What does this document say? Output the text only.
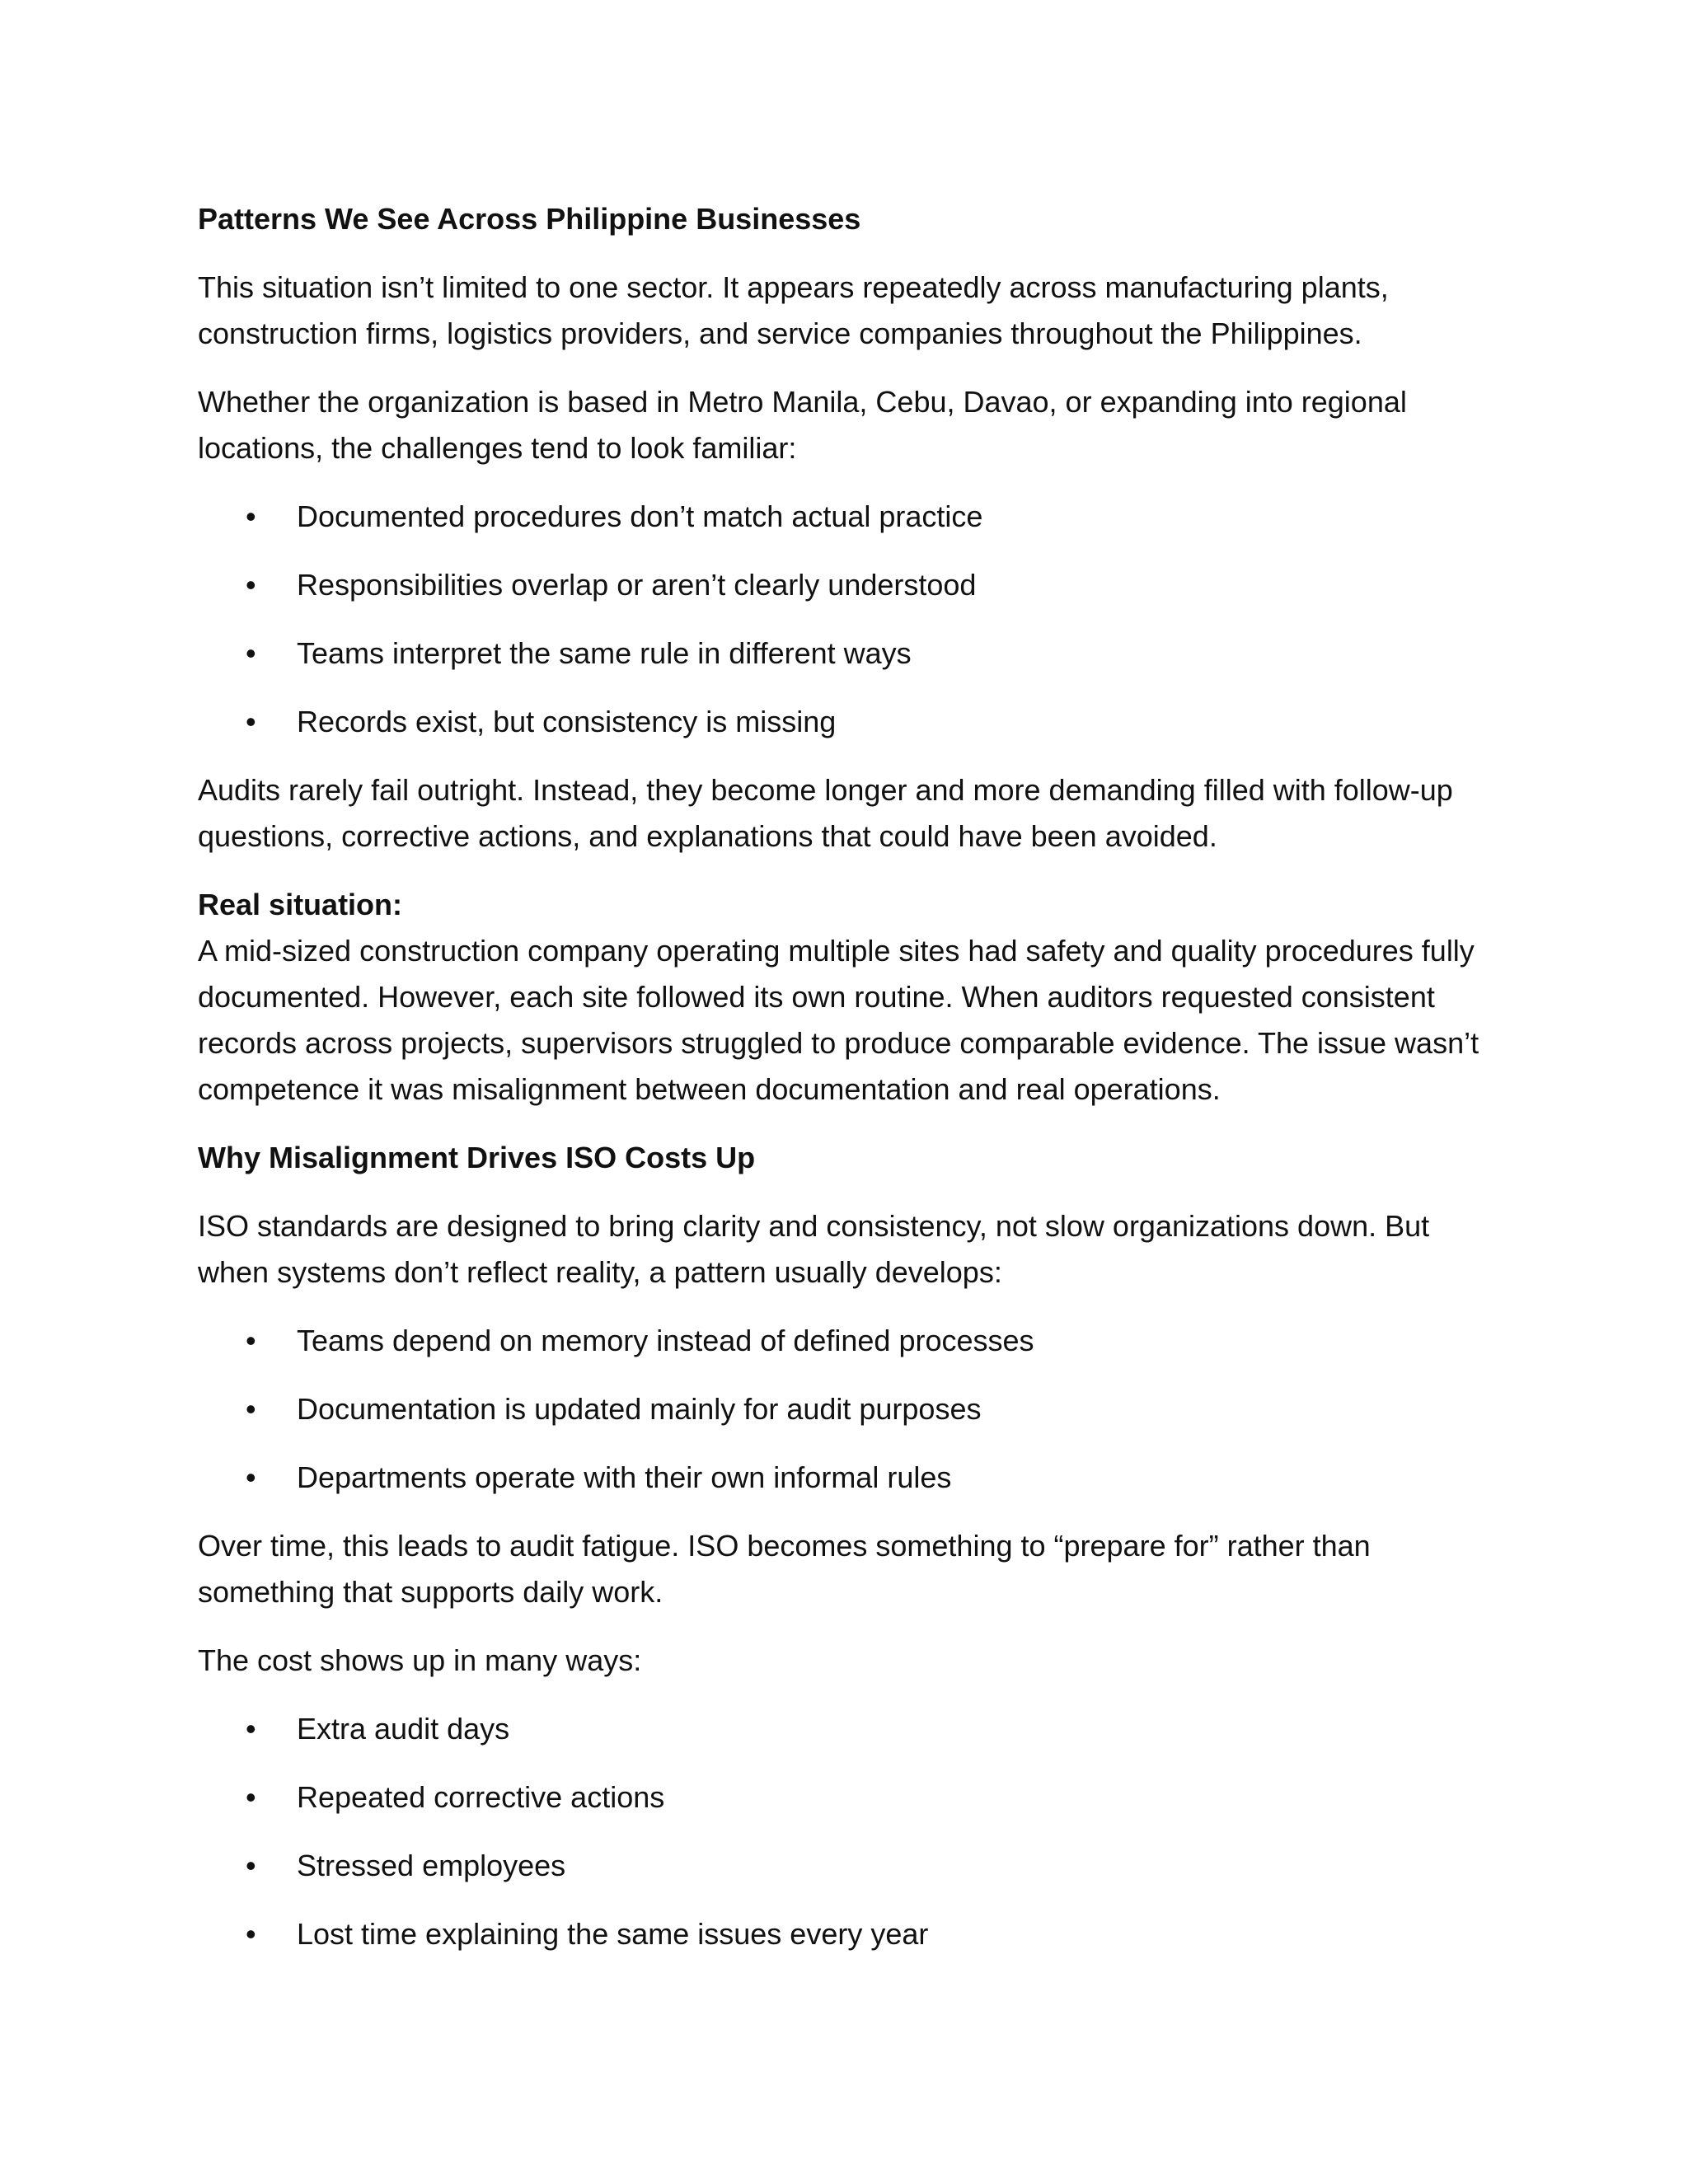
Patterns We See Across Philippine Businesses

This situation isn’t limited to one sector. It appears repeatedly across manufacturing plants, construction firms, logistics providers, and service companies throughout the Philippines.

Whether the organization is based in Metro Manila, Cebu, Davao, or expanding into regional locations, the challenges tend to look familiar:

• Documented procedures don’t match actual practice
• Responsibilities overlap or aren’t clearly understood
• Teams interpret the same rule in different ways
• Records exist, but consistency is missing

Audits rarely fail outright. Instead, they become longer and more demanding filled with follow-up questions, corrective actions, and explanations that could have been avoided.

Real situation:
A mid-sized construction company operating multiple sites had safety and quality procedures fully documented. However, each site followed its own routine. When auditors requested consistent records across projects, supervisors struggled to produce comparable evidence. The issue wasn’t competence it was misalignment between documentation and real operations.

Why Misalignment Drives ISO Costs Up

ISO standards are designed to bring clarity and consistency, not slow organizations down. But when systems don’t reflect reality, a pattern usually develops:

• Teams depend on memory instead of defined processes
• Documentation is updated mainly for audit purposes
• Departments operate with their own informal rules

Over time, this leads to audit fatigue. ISO becomes something to “prepare for” rather than something that supports daily work.

The cost shows up in many ways:

• Extra audit days
• Repeated corrective actions
• Stressed employees
• Lost time explaining the same issues every year
